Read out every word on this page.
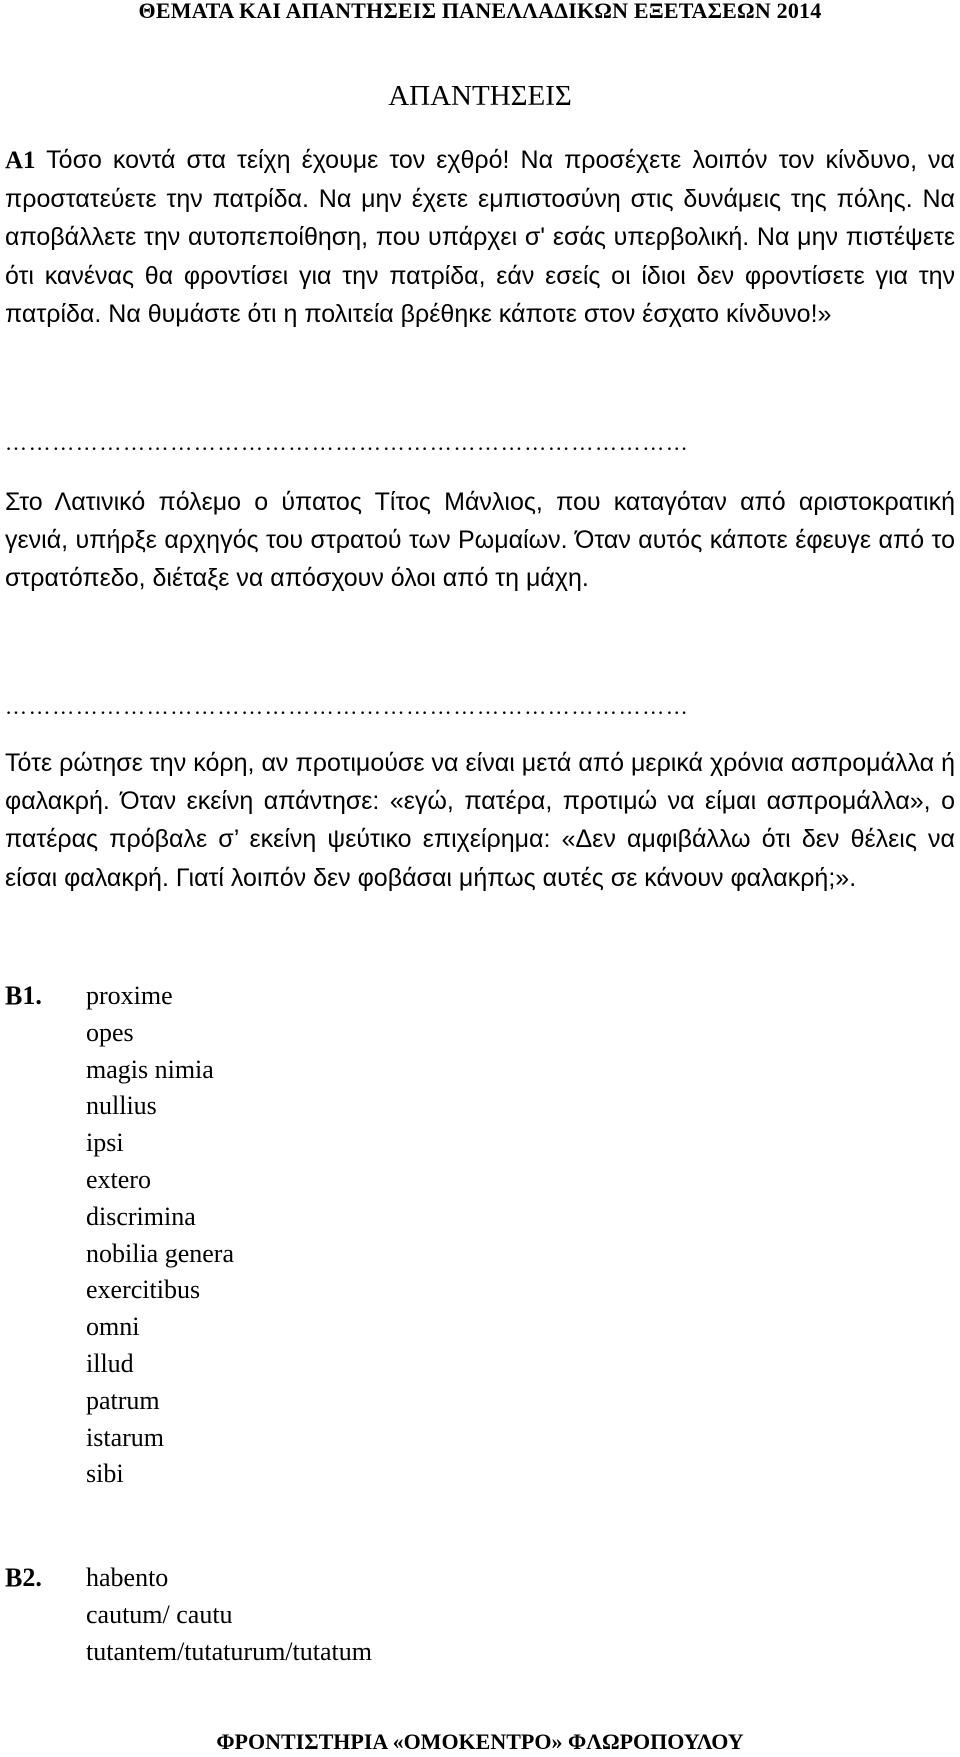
ΘΕΜΑΤΑ ΚΑΙ ΑΠΑΝΤΗΣΕΙΣ ΠΑΝΕΛΛΑΔΙΚΩΝ ΕΞΕΤΑΣΕΩΝ 2014
ΑΠΑΝΤΗΣΕΙΣ

Α1 Τόσο κοντά στα τείχη έχουμε τον εχθρό! Να προσέχετε λοιπόν τον κίνδυνο, να προστατεύετε την πατρίδα. Να μην έχετε εμπιστοσύνη στις δυνάμεις της πόλης. Να αποβάλλετε την αυτοπεποίθηση, που υπάρχει σ' εσάς υπερβολική. Να μην πιστέψετε ότι κανένας θα φροντίσει για την πατρίδα, εάν εσείς οι ίδιοι δεν φροντίσετε για την πατρίδα. Να θυμάστε ότι η πολιτεία βρέθηκε κάποτε στον έσχατο κίνδυνο!»

……………………………………………………………………………

Στο Λατινικό πόλεμο ο ύπατος Τίτος Μάνλιος, που καταγόταν από αριστοκρατική γενιά, υπήρξε αρχηγός του στρατού των Ρωμαίων. Όταν αυτός κάποτε έφευγε από το στρατόπεδο, διέταξε να απόσχουν όλοι από τη μάχη.

……………………………………………………………………………

Τότε ρώτησε την κόρη, αν προτιμούσε να είναι μετά από μερικά χρόνια ασπρομάλλα ή φαλακρή. Όταν εκείνη απάντησε: «εγώ, πατέρα, προτιμώ να είμαι ασπρομάλλα», ο πατέρας πρόβαλε σ’ εκείνη ψεύτικο επιχείρημα: «Δεν αμφιβάλλω ότι δεν θέλεις να είσαι φαλακρή. Γιατί λοιπόν δεν φοβάσαι μήπως αυτές σε κάνουν φαλακρή;».

Β1. proxime
opes
magis nimia
nullius
ipsi
extero
discrimina
nobilia genera
exercitibus
omni
illud
patrum
istarum
sibi
Β2. habento
cautum/ cautu
tutantem/tutaturum/tutatum
ΦΡΟΝΤΙΣΤΗΡΙΑ «ΟΜΟΚΕΝΤΡΟ» ΦΛΩΡΟΠΟΥΛΟΥ
